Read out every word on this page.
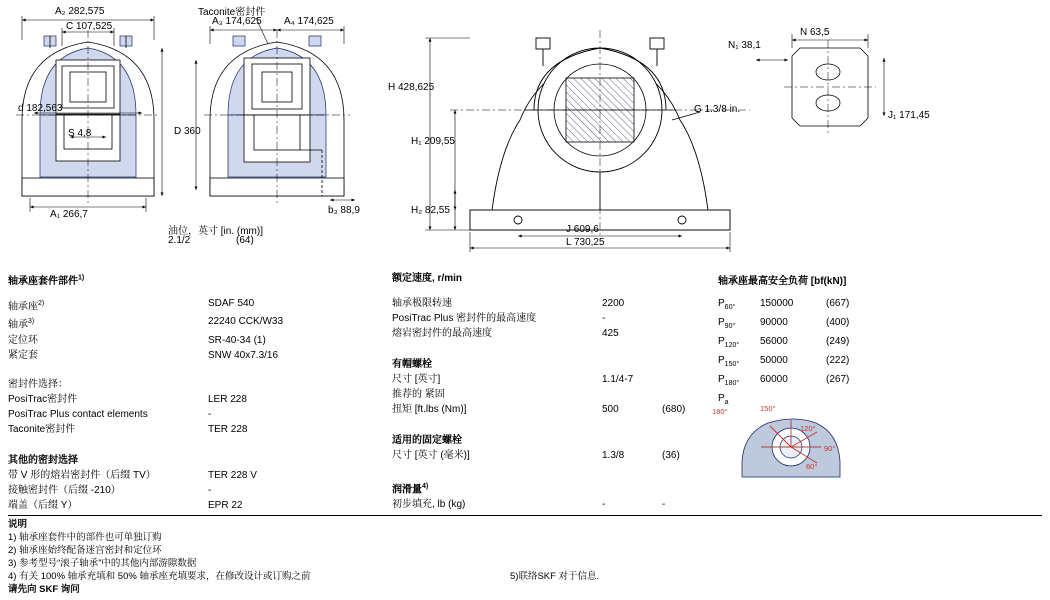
A₂ 282,575
C 107,525
d 182,563
S 4,8
A₁ 266,7
Taconite密封件
A₃ 174,625 A₄ 174,625
D 360
b₃ 88,9
油位，英寸 [in. (mm)]
2.1/2	(64)
H 428,625
H₁ 209,55
H₂ 82,55
J 609,6
L 730,25
G 1.3/8 in.
N₁ 38,1
N 63,5
J₁ 171,45
轴承座套件部件$^{1)}$
轴承座$^{2)}$	SDAF 540
轴承$^{3)}$	22240 CCK/W33
定位环	SR-40-34 (1)
紧定套	SNW 40x7.3/16

密封件选择：	
PosiTrac密封件	LER 228
PosiTrac Plus contact elements	-
Taconite密封件	TER 228

其他的密封选择	
带 V 形的熔岩密封件（后缀 TV）	TER 228 V
接触密封件（后缀 -210）	-
端盖（后缀 Y）	EPR 22
额定速度, r/min		

轴承极限转速	2200	
PosiTrac Plus 密封件的最高速度	-	
熔岩密封件的最高速度	425	

有帽螺栓		
尺寸 [英寸]	1.1/4-7	
推荐的 紧固		
扭矩 [ft.lbs (Nm)]	500	(680)

适用的固定螺栓		
尺寸 [英寸 (毫米)]	1.3/8	(36)

润滑量$^{4)}$		
初步填充, lb (kg)	-	-
轴承座最高安全负荷 [bf(kN)]
$P_{60^\circ}$	150000	(667)
$P_{90^\circ}$	90000	(400)
$P_{120^\circ}$	56000	(249)
$P_{150^\circ}$	50000	(222)
$P_{180^\circ}$	60000	(267)
$P_a$		
180°	150°
120°
90°
60°
说明
1) 轴承座套件中的部件也可单独订购
2) 轴承座始终配备迷宫密封和定位环
3) 参考型号“滚子轴承”中的其他内部游隙数据
4) 有关 100% 轴承充填和 50% 轴承座充填要求，在修改设计或订购之前
请先向 SKF 询问
5)联络SKF 对于信息.
